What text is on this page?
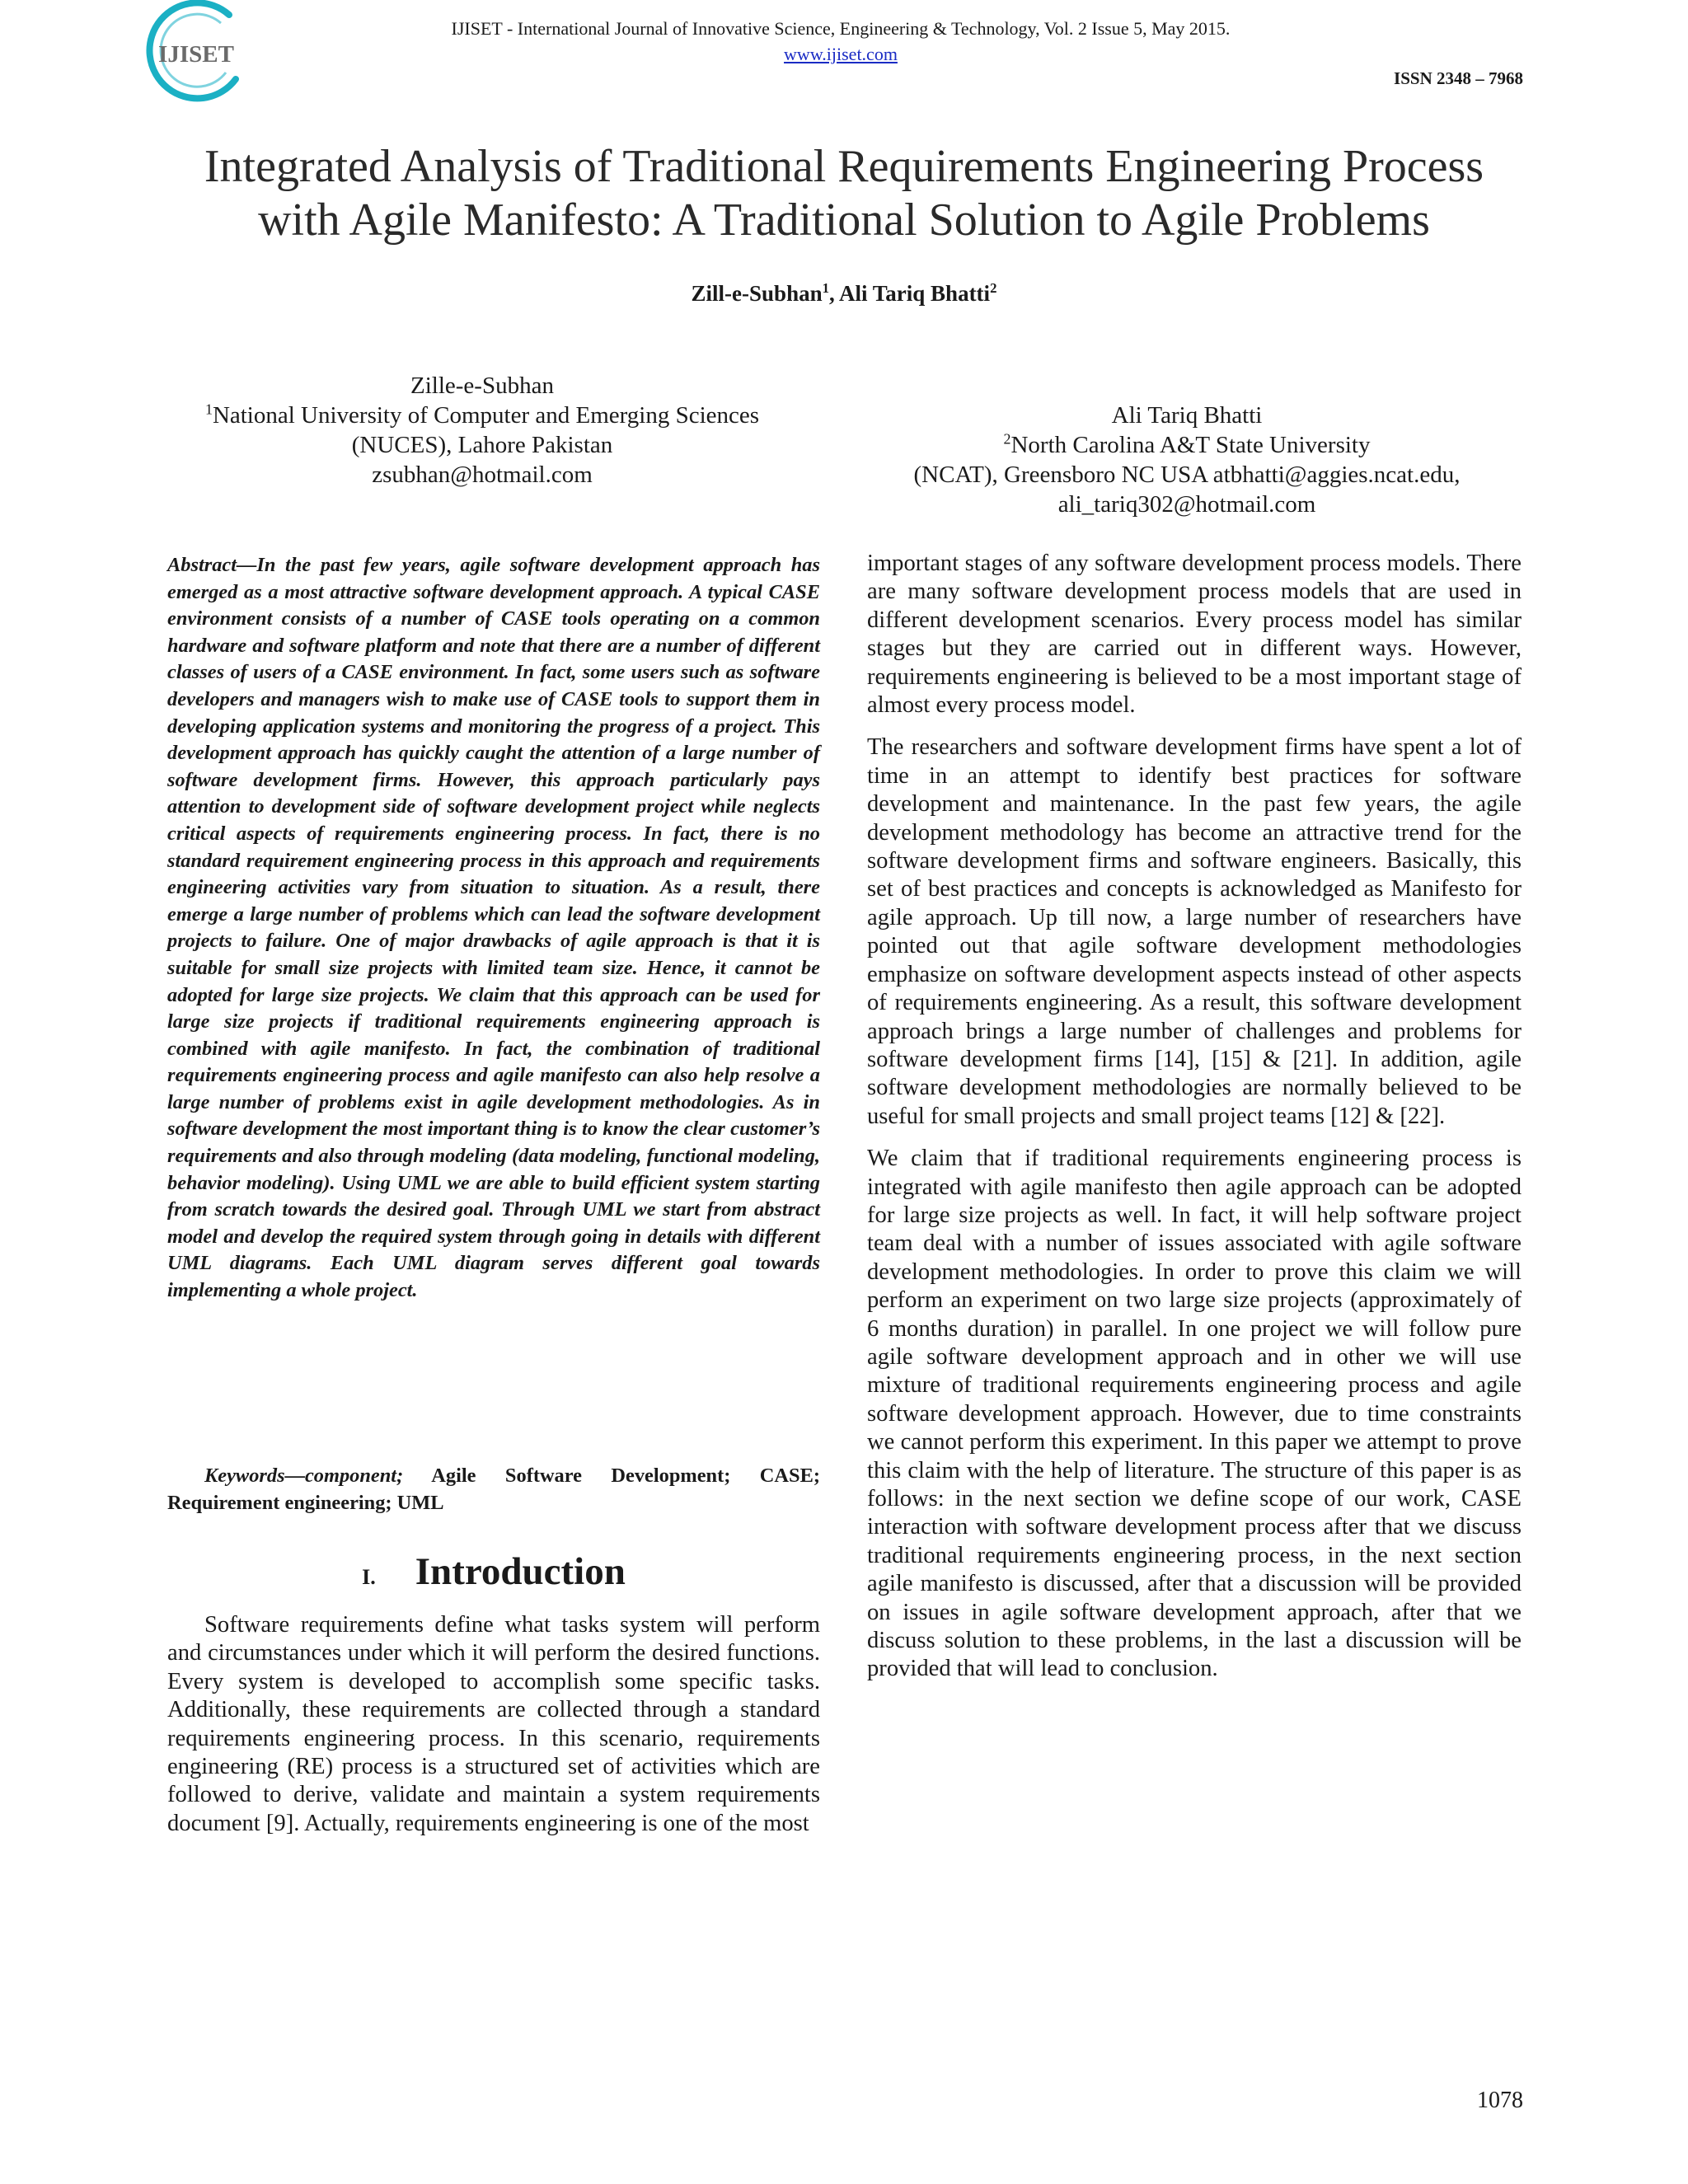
IJISET
IJISET - International Journal of Innovative Science, Engineering & Technology, Vol. 2 Issue 5, May 2015.
www.ijiset.com
ISSN 2348 – 7968
Integrated Analysis of Traditional Requirements Engineering Process
with Agile Manifesto: A Traditional Solution to Agile Problems
Zill-e-Subhan$^1$, Ali Tariq Bhatti$^2$
Zille-e-Subhan
$^1$National University of Computer and Emerging Sciences
(NUCES), Lahore Pakistan
zsubhan@hotmail.com
Ali Tariq Bhatti
$^2$North Carolina A&T State University
(NCAT), Greensboro NC USA atbhatti@aggies.ncat.edu,
ali_tariq302@hotmail.com
Abstract—In the past few years, agile software development approach has emerged as a most attractive software development approach. A typical CASE environment consists of a number of CASE tools operating on a common hardware and software platform and note that there are a number of different classes of users of a CASE environment. In fact, some users such as software developers and managers wish to make use of CASE tools to support them in developing application systems and monitoring the progress of a project. This development approach has quickly caught the attention of a large number of software development firms. However, this approach particularly pays attention to development side of software development project while neglects critical aspects of requirements engineering process. In fact, there is no standard requirement engineering process in this approach and requirements engineering activities vary from situation to situation. As a result, there emerge a large number of problems which can lead the software development projects to failure. One of major drawbacks of agile approach is that it is suitable for small size projects with limited team size. Hence, it cannot be adopted for large size projects. We claim that this approach can be used for large size projects if traditional requirements engineering approach is combined with agile manifesto. In fact, the combination of traditional requirements engineering process and agile manifesto can also help resolve a large number of problems exist in agile development methodologies. As in software development the most important thing is to know the clear customer’s requirements and also through modeling (data modeling, functional modeling, behavior modeling). Using UML we are able to build efficient system starting from scratch towards the desired goal. Through UML we start from abstract model and develop the required system through going in details with different UML diagrams. Each UML diagram serves different goal towards implementing a whole project.
Keywords—component; Agile Software Development; CASE; Requirement engineering; UML
I. Introduction
Software requirements define what tasks system will perform and circumstances under which it will perform the desired functions. Every system is developed to accomplish some specific tasks. Additionally, these requirements are collected through a standard requirements engineering process. In this scenario, requirements engineering (RE) process is a structured set of activities which are followed to derive, validate and maintain a system requirements document [9]. Actually, requirements engineering is one of the most

important stages of any software development process models. There are many software development process models that are used in different development scenarios. Every process model has similar stages but they are carried out in different ways. However, requirements engineering is believed to be a most important stage of almost every process model.

The researchers and software development firms have spent a lot of time in an attempt to identify best practices for software development and maintenance. In the past few years, the agile development methodology has become an attractive trend for the software development firms and software engineers. Basically, this set of best practices and concepts is acknowledged as Manifesto for agile approach. Up till now, a large number of researchers have pointed out that agile software development methodologies emphasize on software development aspects instead of other aspects of requirements engineering. As a result, this software development approach brings a large number of challenges and problems for software development firms [14], [15] & [21]. In addition, agile software development methodologies are normally believed to be useful for small projects and small project teams [12] & [22].

We claim that if traditional requirements engineering process is integrated with agile manifesto then agile approach can be adopted for large size projects as well. In fact, it will help software project team deal with a number of issues associated with agile software development methodologies. In order to prove this claim we will perform an experiment on two large size projects (approximately of 6 months duration) in parallel. In one project we will follow pure agile software development approach and in other we will use mixture of traditional requirements engineering process and agile software development approach. However, due to time constraints we cannot perform this experiment. In this paper we attempt to prove this claim with the help of literature. The structure of this paper is as follows: in the next section we define scope of our work, CASE interaction with software development process after that we discuss traditional requirements engineering process, in the next section agile manifesto is discussed, after that a discussion will be provided on issues in agile software development approach, after that we discuss solution to these problems, in the last a discussion will be provided that will lead to conclusion.

1078
